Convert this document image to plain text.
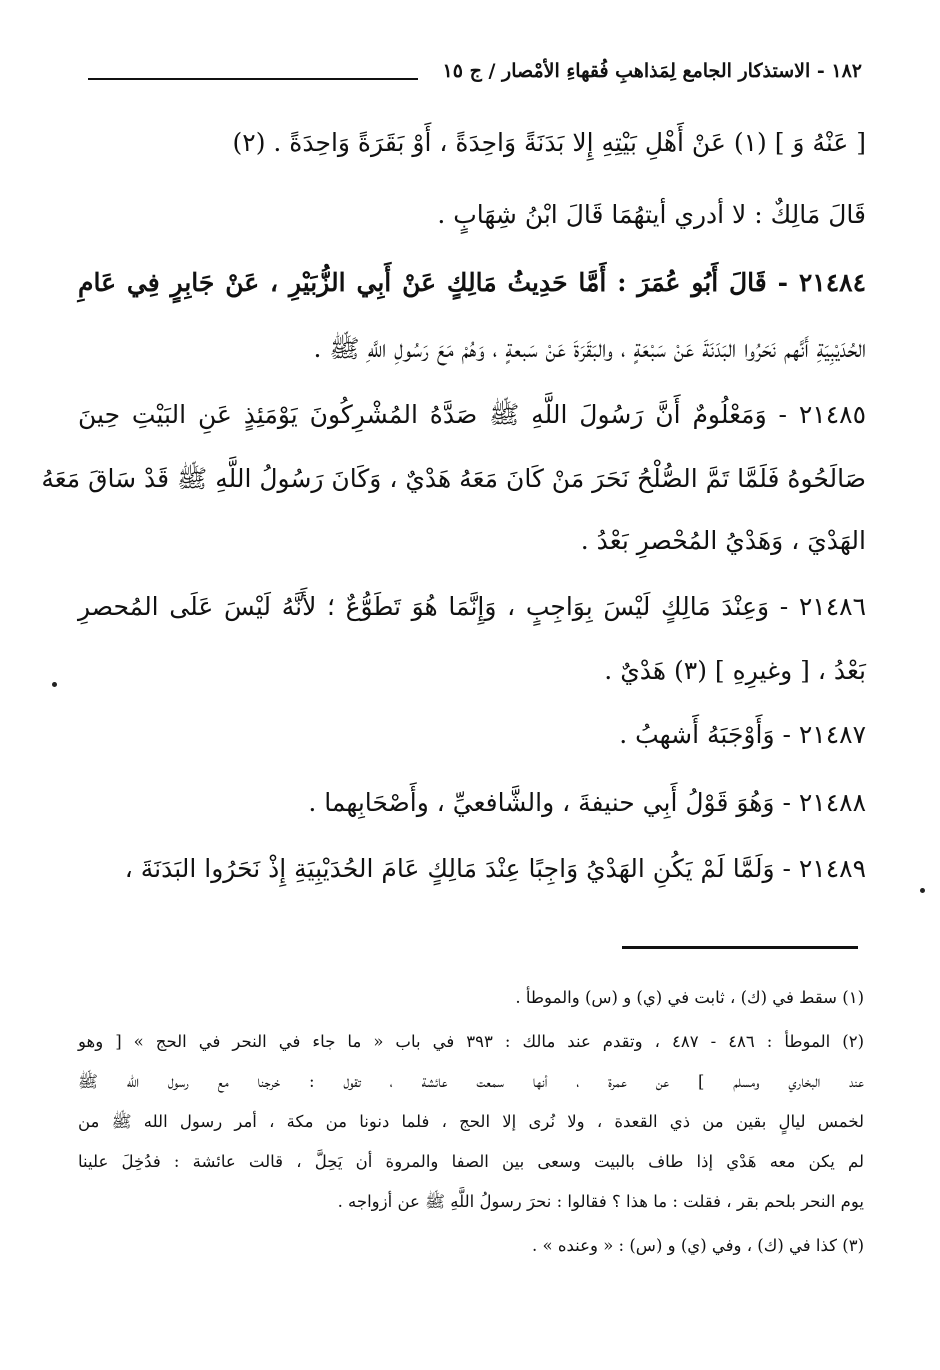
١٨٢ - الاستذكار الجامع لِمَذاهبِ فُقهاءِ الأمْصار / ج ١٥
[ عَنْهُ وَ ] (١) عَنْ أَهْلِ بَيْتِهِ إِلا بَدَنَةً وَاحِدَةً ، أَوْ بَقَرَةً وَاحِدَةً . (٢)
قَالَ مَالِكٌ : لا أدري أيتهُمَا قَالَ ابْنُ شِهَابٍ .
٢١٤٨٤ - قَالَ أَبُو عُمَرَ : أَمَّا حَدِيثُ مَالِكٍ عَنْ أَبِي الزُّبَيْرِ ، عَنْ جَابِرٍ فِي عَامِ
الحُدَيْبِيَةِ أَنَّهم نَحَرُوا البَدَنَةَ عَنْ سَبْعَةٍ ، والبَقَرَةَ عَنْ سَبعةٍ ، وَهُمْ مَعَ رَسُولِ اللَّهِ ﷺ .
٢١٤٨٥ - وَمَعْلُومٌ أَنَّ رَسُولَ اللَّهِ ﷺ صَدَّهُ المُشْرِكُونَ يَوْمَئِذٍ عَنِ البَيْتِ حِينَ
صَالَحُوهُ فَلَمَّا تَمَّ الصُّلْحُ نَحَرَ مَنْ كَانَ مَعَهُ هَدْيٌ ، وَكَانَ رَسُولُ اللَّهِ ﷺ قَدْ سَاقَ مَعَهُ
الهَدْيَ ، وَهَدْيُ المُحْصرِ بَعْدُ .
٢١٤٨٦ - وَعِنْدَ مَالِكٍ لَيْسَ بِوَاجِبٍ ، وَإِنَّمَا هُوَ تَطَوُّعٌ ؛ لأَنَّهُ لَيْسَ عَلَى المُحصرِ
بَعْدُ ، [ وغيرِهِ ] (٣) هَدْيٌ .
٢١٤٨٧ - وَأَوْجَبَهُ أَشهبُ .
٢١٤٨٨ - وَهُوَ قَوْلُ أَبِي حنيفةَ ، والشَّافعيِّ ، وأَصْحَابِهما .
٢١٤٨٩ - وَلَمَّا لَمْ يَكُنِ الهَدْيُ وَاجِبًا عِنْدَ مَالِكٍ عَامَ الحُدَيْبِيَةِ إِذْ نَحَرُوا البَدَنَةَ ،
(١) سقط في (ك) ، ثابت في (ي) و (س) والموطأ .
(٢) الموطأ : ٤٨٦ - ٤٨٧ ، وتقدم عند مالك : ٣٩٣ في باب « ما جاء في النحر في الحج » [ وهو
عند البخاري ومسلم ] عن عمرة ، أنها سمعت عائشة ، تقول : خرجنا مع رسول الله ﷺ
لخمس ليالٍ بقين من ذي القعدة ، ولا نُرى إلا الحج ، فلما دنونا من مكة ، أمر رسول الله ﷺ من
لم يكن معه هَدْي إذا طاف بالبيت وسعى بين الصفا والمروة أن يَحِلَّ ، قالت عائشة : فدُخِلَ علينا
يوم النحر بلحم بقر ، فقلت : ما هذا ؟ فقالوا : نحرَ رسولُ اللَّهِ ﷺ عن أزواجه .
(٣) كذا في (ك) ، وفي (ي) و (س) : « وعنده » .
